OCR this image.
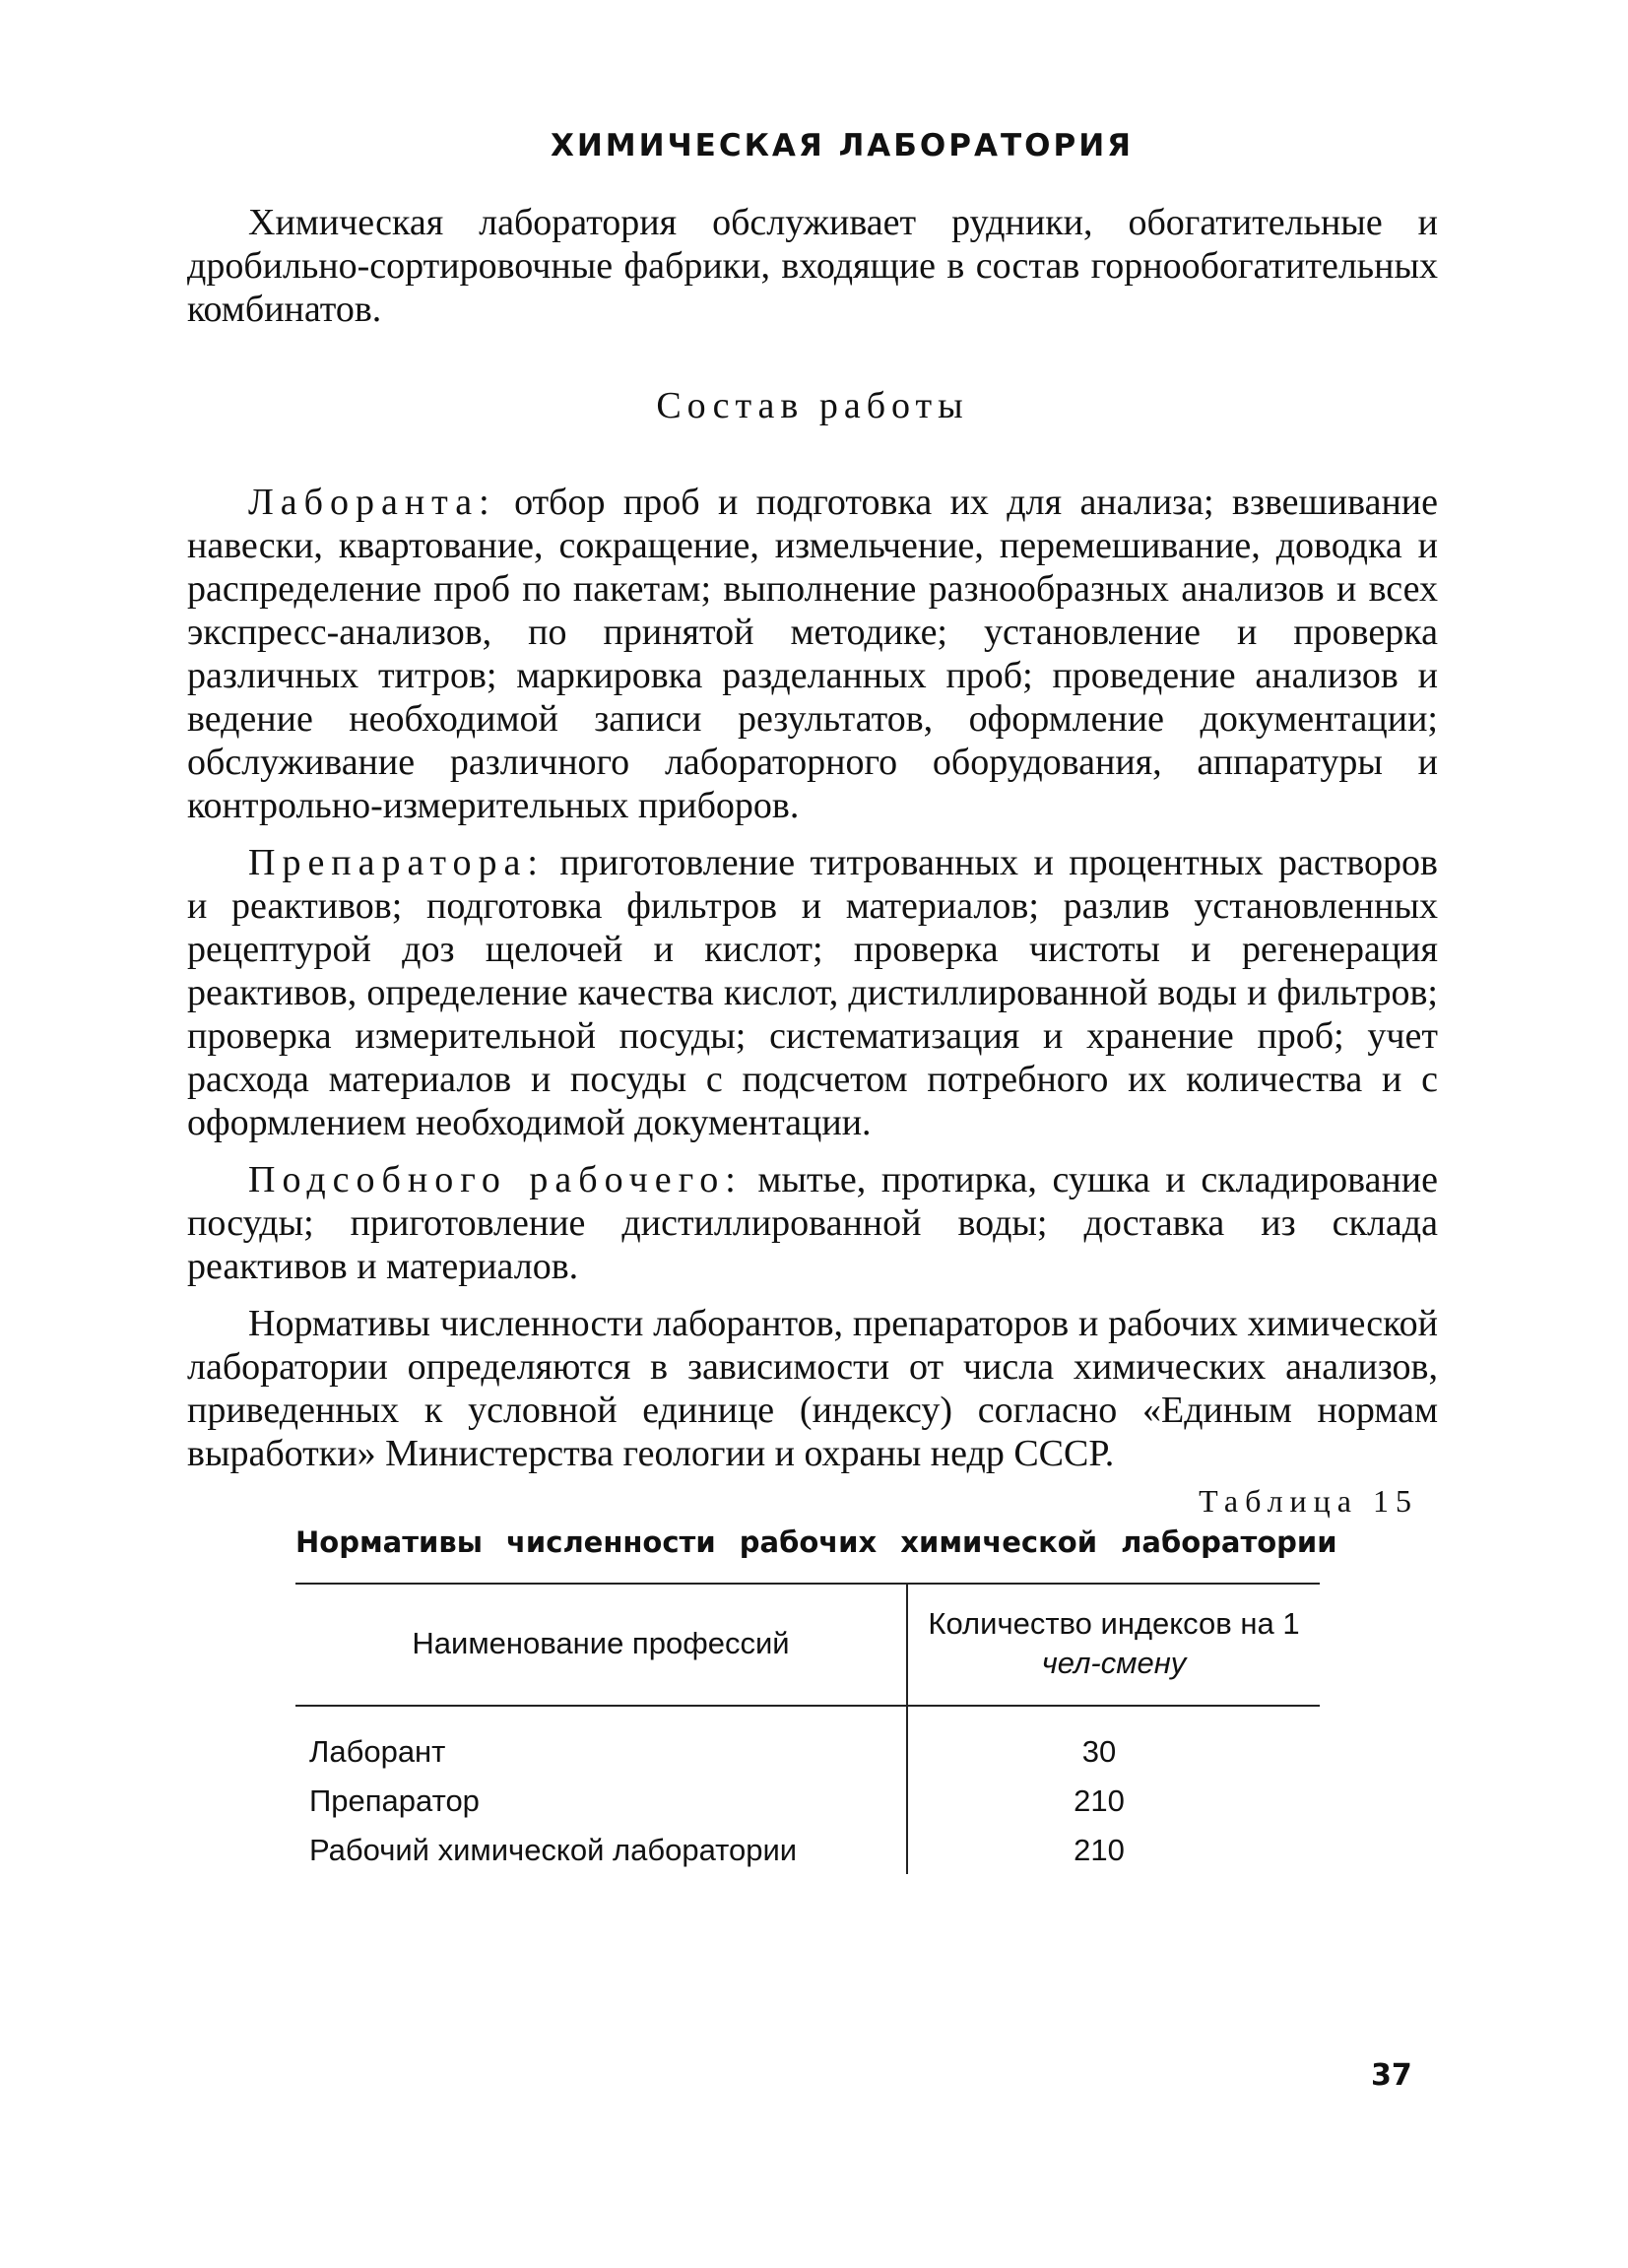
ХИМИЧЕСКАЯ ЛАБОРАТОРИЯ

Химическая лаборатория обслуживает рудники, обогатительные и дробильно-сортировочные фабрики, входящие в состав горнообогатительных комбинатов.

Состав работы

Лаборанта: отбор проб и подготовка их для анализа; взвешивание навески, квартование, сокращение, измельчение, перемешивание, доводка и распределение проб по пакетам; выполнение разнообразных анализов и всех экспресс-анализов, по принятой методике; установление и проверка различных титров; маркировка разделанных проб; проведение анализов и ведение необходимой записи результатов, оформление документации; обслуживание различного лабораторного оборудования, аппаратуры и контрольно-измерительных приборов.

Препаратора: приготовление титрованных и процентных растворов и реактивов; подготовка фильтров и материалов; разлив установленных рецептурой доз щелочей и кислот; проверка чистоты и регенерация реактивов, определение качества кислот, дистиллированной воды и фильтров; проверка измерительной посуды; систематизация и хранение проб; учет расхода материалов и посуды с подсчетом потребного их количества и с оформлением необходимой документации.

Подсобного рабочего: мытье, протирка, сушка и складирование посуды; приготовление дистиллированной воды; доставка из склада реактивов и материалов.

Нормативы численности лаборантов, препараторов и рабочих химической лаборатории определяются в зависимости от числа химических анализов, приведенных к условной единице (индексу) согласно «Единым нормам выработки» Министерства геологии и охраны недр СССР.

Таблица 15
Нормативы численности рабочих химической лаборатории
Наименование профессий	Количество индексов на 1 чел-смену
Лаборант	30
Препаратор	210
Рабочий химической лаборатории	210
37
